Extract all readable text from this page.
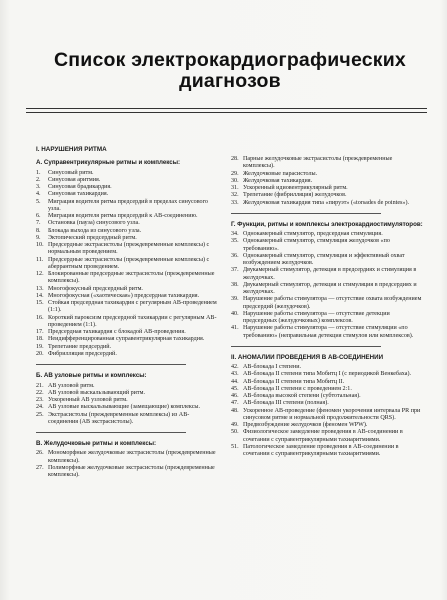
Список электрокардиографических
диагнозов
I. НАРУШЕНИЯ РИТМА
А. Суправентрикулярные ритмы и комплексы:
1.	Синусовый ритм.
2.	Синусовая аритмия.
3.	Синусовая брадикардия.
4.	Синусовая тахикардия.
5.	Миграция водителя ритма предсердий в пределах синусового узла.
6.	Миграция водителя ритма предсердий к АВ-соединению.
7.	Остановка (пауза) синусового узла.
8.	Блокада выхода из синусового узла.
9.	Эктопический предсердный ритм.
10. Предсердные экстрасистолы (преждевременные комплексы) с нормальным проведением.
11. Предсердные экстрасистолы (преждевременные комплексы) с аберрантным проведением.
12. Блокированные предсердные экстрасистолы (преждевременные комплексы).
13. Многофокусный предсердный ритм.
14. Многофокусная («хаотическая») предсердная тахикардия.
15. Стойкая предсердная тахикардия с регулярным АВ-проведением (1:1).
16. Короткий пароксизм предсердной тахикардии с регулярным АВ-проведением (1:1).
17. Предсердная тахикардия с блокадой АВ-проведения.
18. Неидифференцированная суправентрикулярная тахикардия.
19. Трепетание предсердий.
20. Фибрилляция предсердий.
Б. АВ узловые ритмы и комплексы:
21. АВ узловой ритм.
22. АВ узловой выскальзывающий ритм.
23. Ускоренный АВ узловой ритм.
24. АВ узловые выскальзывающие (замещающие) комплексы.
25. Экстрасистолы (преждевременные комплексы) из АВ-соединения (АВ экстрасистолы).
В. Желудочковые ритмы и комплексы:
26. Мономорфные желудочковые экстрасистолы (преждевременные комплексы).
27. Полиморфные желудочковые экстрасистолы (преждевременные комплексы).
28. Парные желудочковые экстрасистолы (преждевременные комплексы).
29. Желудочковые парасистолы.
30. Желудочковая тахикардия.
31. Ускоренный идиовентрикулярный ритм.
32. Трепетание (фибрилляция) желудочков.
33. Желудочковая тахикардия типа «пируэт» («torsades de pointes»).
Г. Функции, ритмы и комплексы электрокардиостимуляторов:
34. Однокамерный стимулятор, предсердная стимуляция.
35. Однокамерный стимулятор, стимуляция желудочков «по требованию».
36. Однокамерный стимулятор, стимуляция и эффективный охват возбуждением желудочков.
37. Двукамерный стимулятор, детекция в предсердиях и стимуляция в желудочках.
38. Двукамерный стимулятор, детекция и стимуляция в предсердиях и желудочках.
39. Нарушение работы стимулятора — отсутствие охвата возбуждением предсердий (желудочков).
40. Нарушение работы стимулятора — отсутствие детекции предсердных (желудочковых) комплексов.
41. Нарушение работы стимулятора — отсутствие стимуляции «по требованию» (неправильная детекция стимулов или комплексов).
II. АНОМАЛИИ ПРОВЕДЕНИЯ В АВ-СОЕДИНЕНИИ
42. АВ-блокада I степени.
43. АВ-блокада II степени типа Мобитц I (с периодикой Венкебаха).
44. АВ-блокада II степени типа Мобитц II.
45. АВ-блокада II степени с проведением 2:1.
46. АВ-блокада высокой степени (субтотальная).
47. АВ-блокада III степени (полная).
48. Ускоренное АВ-проведение (феномен укорочения интервала PR при синусовом ритме и нормальной продолжительности QRS).
49. Предвозбуждение желудочков (феномен WPW).
50. Физиологическое замедление проведения в АВ-соединении в сочетании с суправентрикулярными тахиаритмиями.
51. Патологическое замедление проведения в АВ-соединении в сочетании с суправентрикулярными тахиаритмиями.
